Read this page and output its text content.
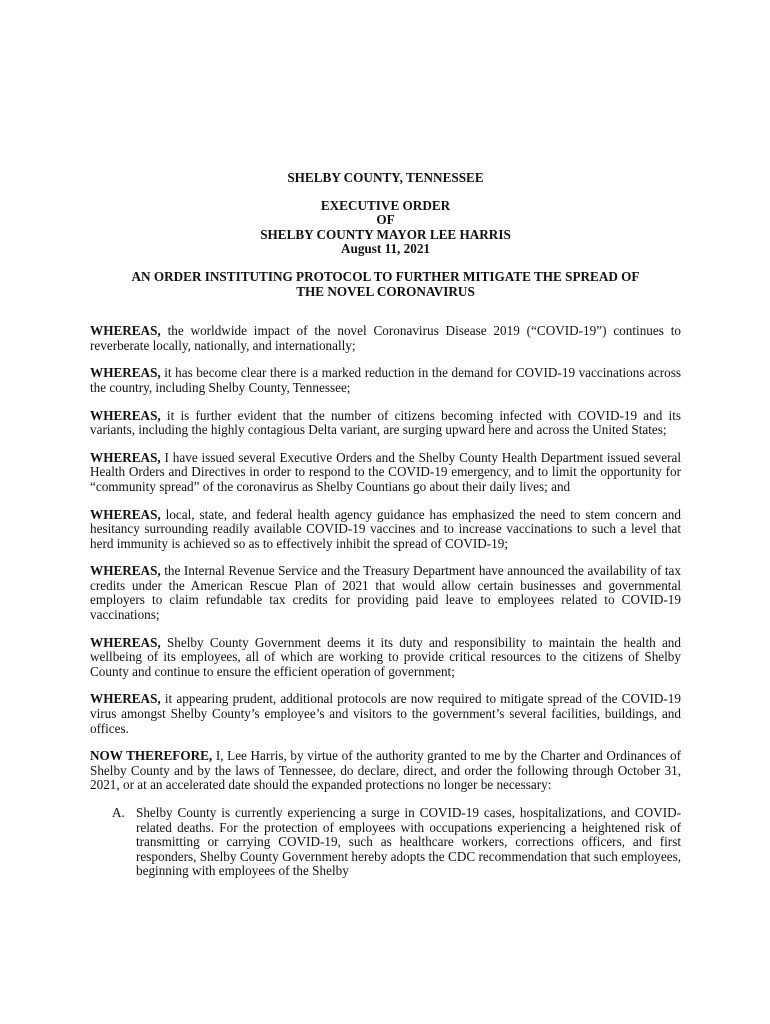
SHELBY COUNTY, TENNESSEE
EXECUTIVE ORDER
OF
SHELBY COUNTY MAYOR LEE HARRIS
August 11, 2021
AN ORDER INSTITUTING PROTOCOL TO FURTHER MITIGATE THE SPREAD OF
THE NOVEL CORONAVIRUS

WHEREAS, the worldwide impact of the novel Coronavirus Disease 2019 (“COVID-19”) continues to reverberate locally, nationally, and internationally;

WHEREAS, it has become clear there is a marked reduction in the demand for COVID-19 vaccinations across the country, including Shelby County, Tennessee;

WHEREAS, it is further evident that the number of citizens becoming infected with COVID-19 and its variants, including the highly contagious Delta variant, are surging upward here and across the United States;

WHEREAS, I have issued several Executive Orders and the Shelby County Health Department issued several Health Orders and Directives in order to respond to the COVID-19 emergency, and to limit the opportunity for “community spread” of the coronavirus as Shelby Countians go about their daily lives; and

WHEREAS, local, state, and federal health agency guidance has emphasized the need to stem concern and hesitancy surrounding readily available COVID-19 vaccines and to increase vaccinations to such a level that herd immunity is achieved so as to effectively inhibit the spread of COVID-19;

WHEREAS, the Internal Revenue Service and the Treasury Department have announced the availability of tax credits under the American Rescue Plan of 2021 that would allow certain businesses and governmental employers to claim refundable tax credits for providing paid leave to employees related to COVID-19 vaccinations;

WHEREAS, Shelby County Government deems it its duty and responsibility to maintain the health and wellbeing of its employees, all of which are working to provide critical resources to the citizens of Shelby County and continue to ensure the efficient operation of government;

WHEREAS, it appearing prudent, additional protocols are now required to mitigate spread of the COVID-19 virus amongst Shelby County’s employee’s and visitors to the government’s several facilities, buildings, and offices.

NOW THEREFORE, I, Lee Harris, by virtue of the authority granted to me by the Charter and Ordinances of Shelby County and by the laws of Tennessee, do declare, direct, and order the following through October 31, 2021, or at an accelerated date should the expanded protections no longer be necessary:

A. Shelby County is currently experiencing a surge in COVID-19 cases, hospitalizations, and COVID-related deaths. For the protection of employees with occupations experiencing a heightened risk of transmitting or carrying COVID-19, such as healthcare workers, corrections officers, and first responders, Shelby County Government hereby adopts the CDC recommendation that such employees, beginning with employees of the Shelby
